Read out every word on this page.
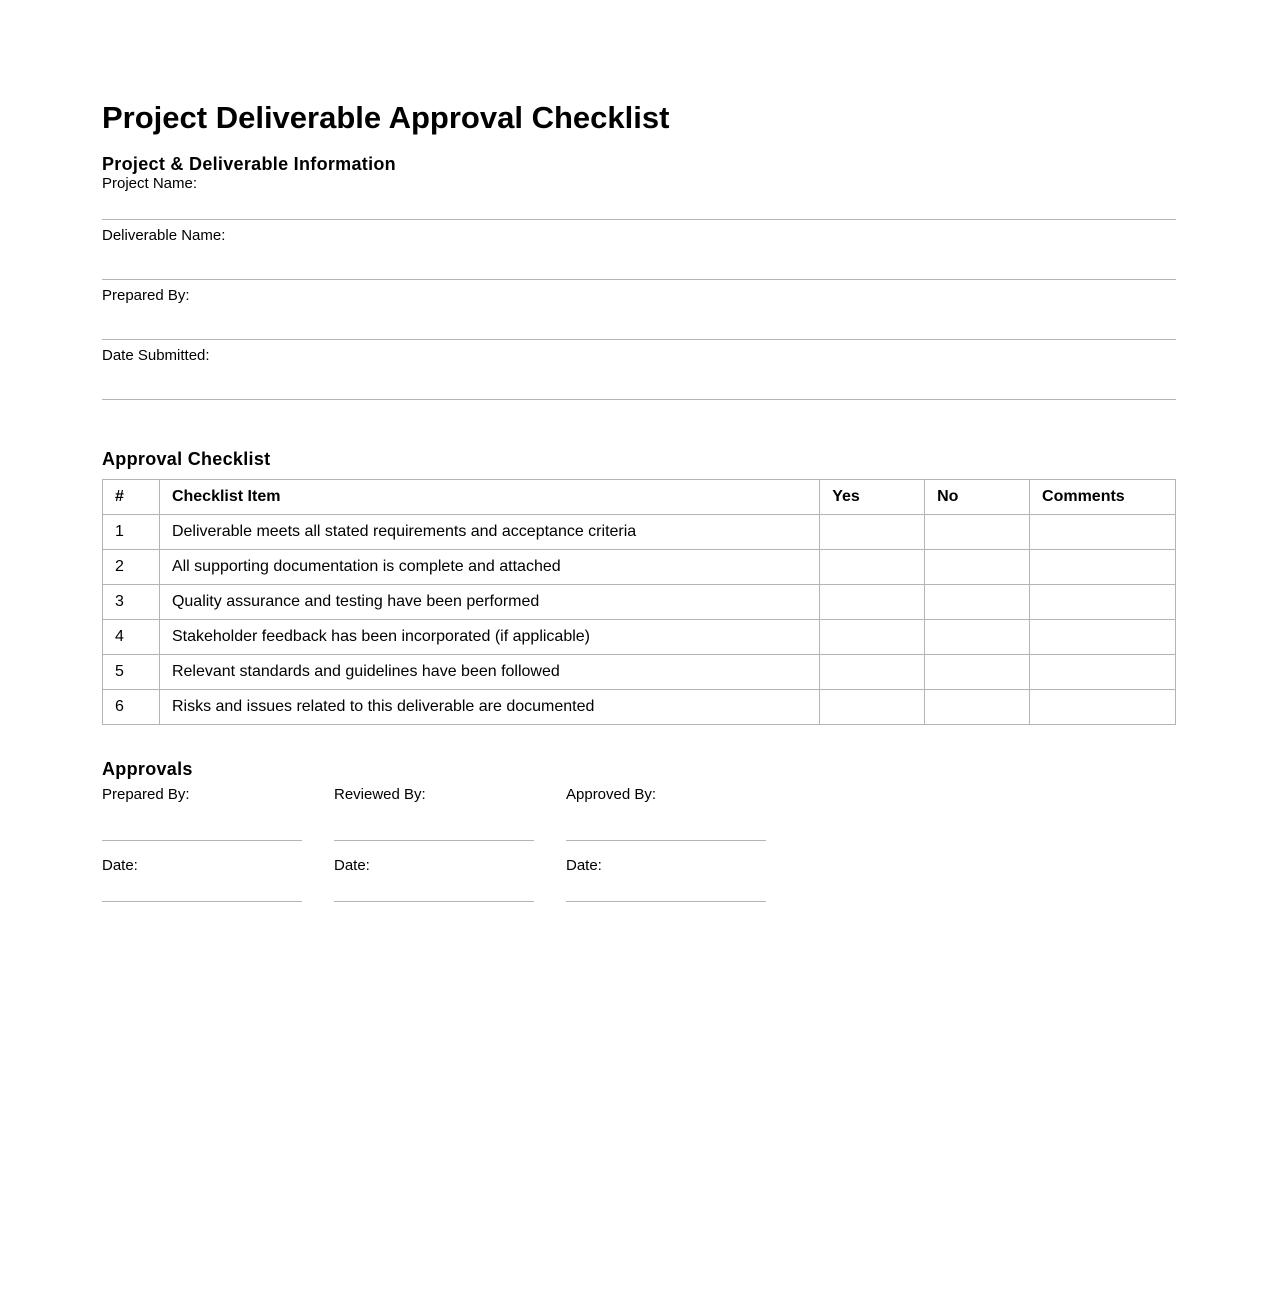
Project Deliverable Approval Checklist
Project & Deliverable Information
Project Name:
Deliverable Name:
Prepared By:
Date Submitted:
Approval Checklist
#	Checklist Item	Yes	No	Comments
1	Deliverable meets all stated requirements and acceptance criteria			
2	All supporting documentation is complete and attached			
3	Quality assurance and testing have been performed			
4	Stakeholder feedback has been incorporated (if applicable)			
5	Relevant standards and guidelines have been followed			
6	Risks and issues related to this deliverable are documented			
Approvals
Prepared By:
Date:
Reviewed By:
Date:
Approved By:
Date:
